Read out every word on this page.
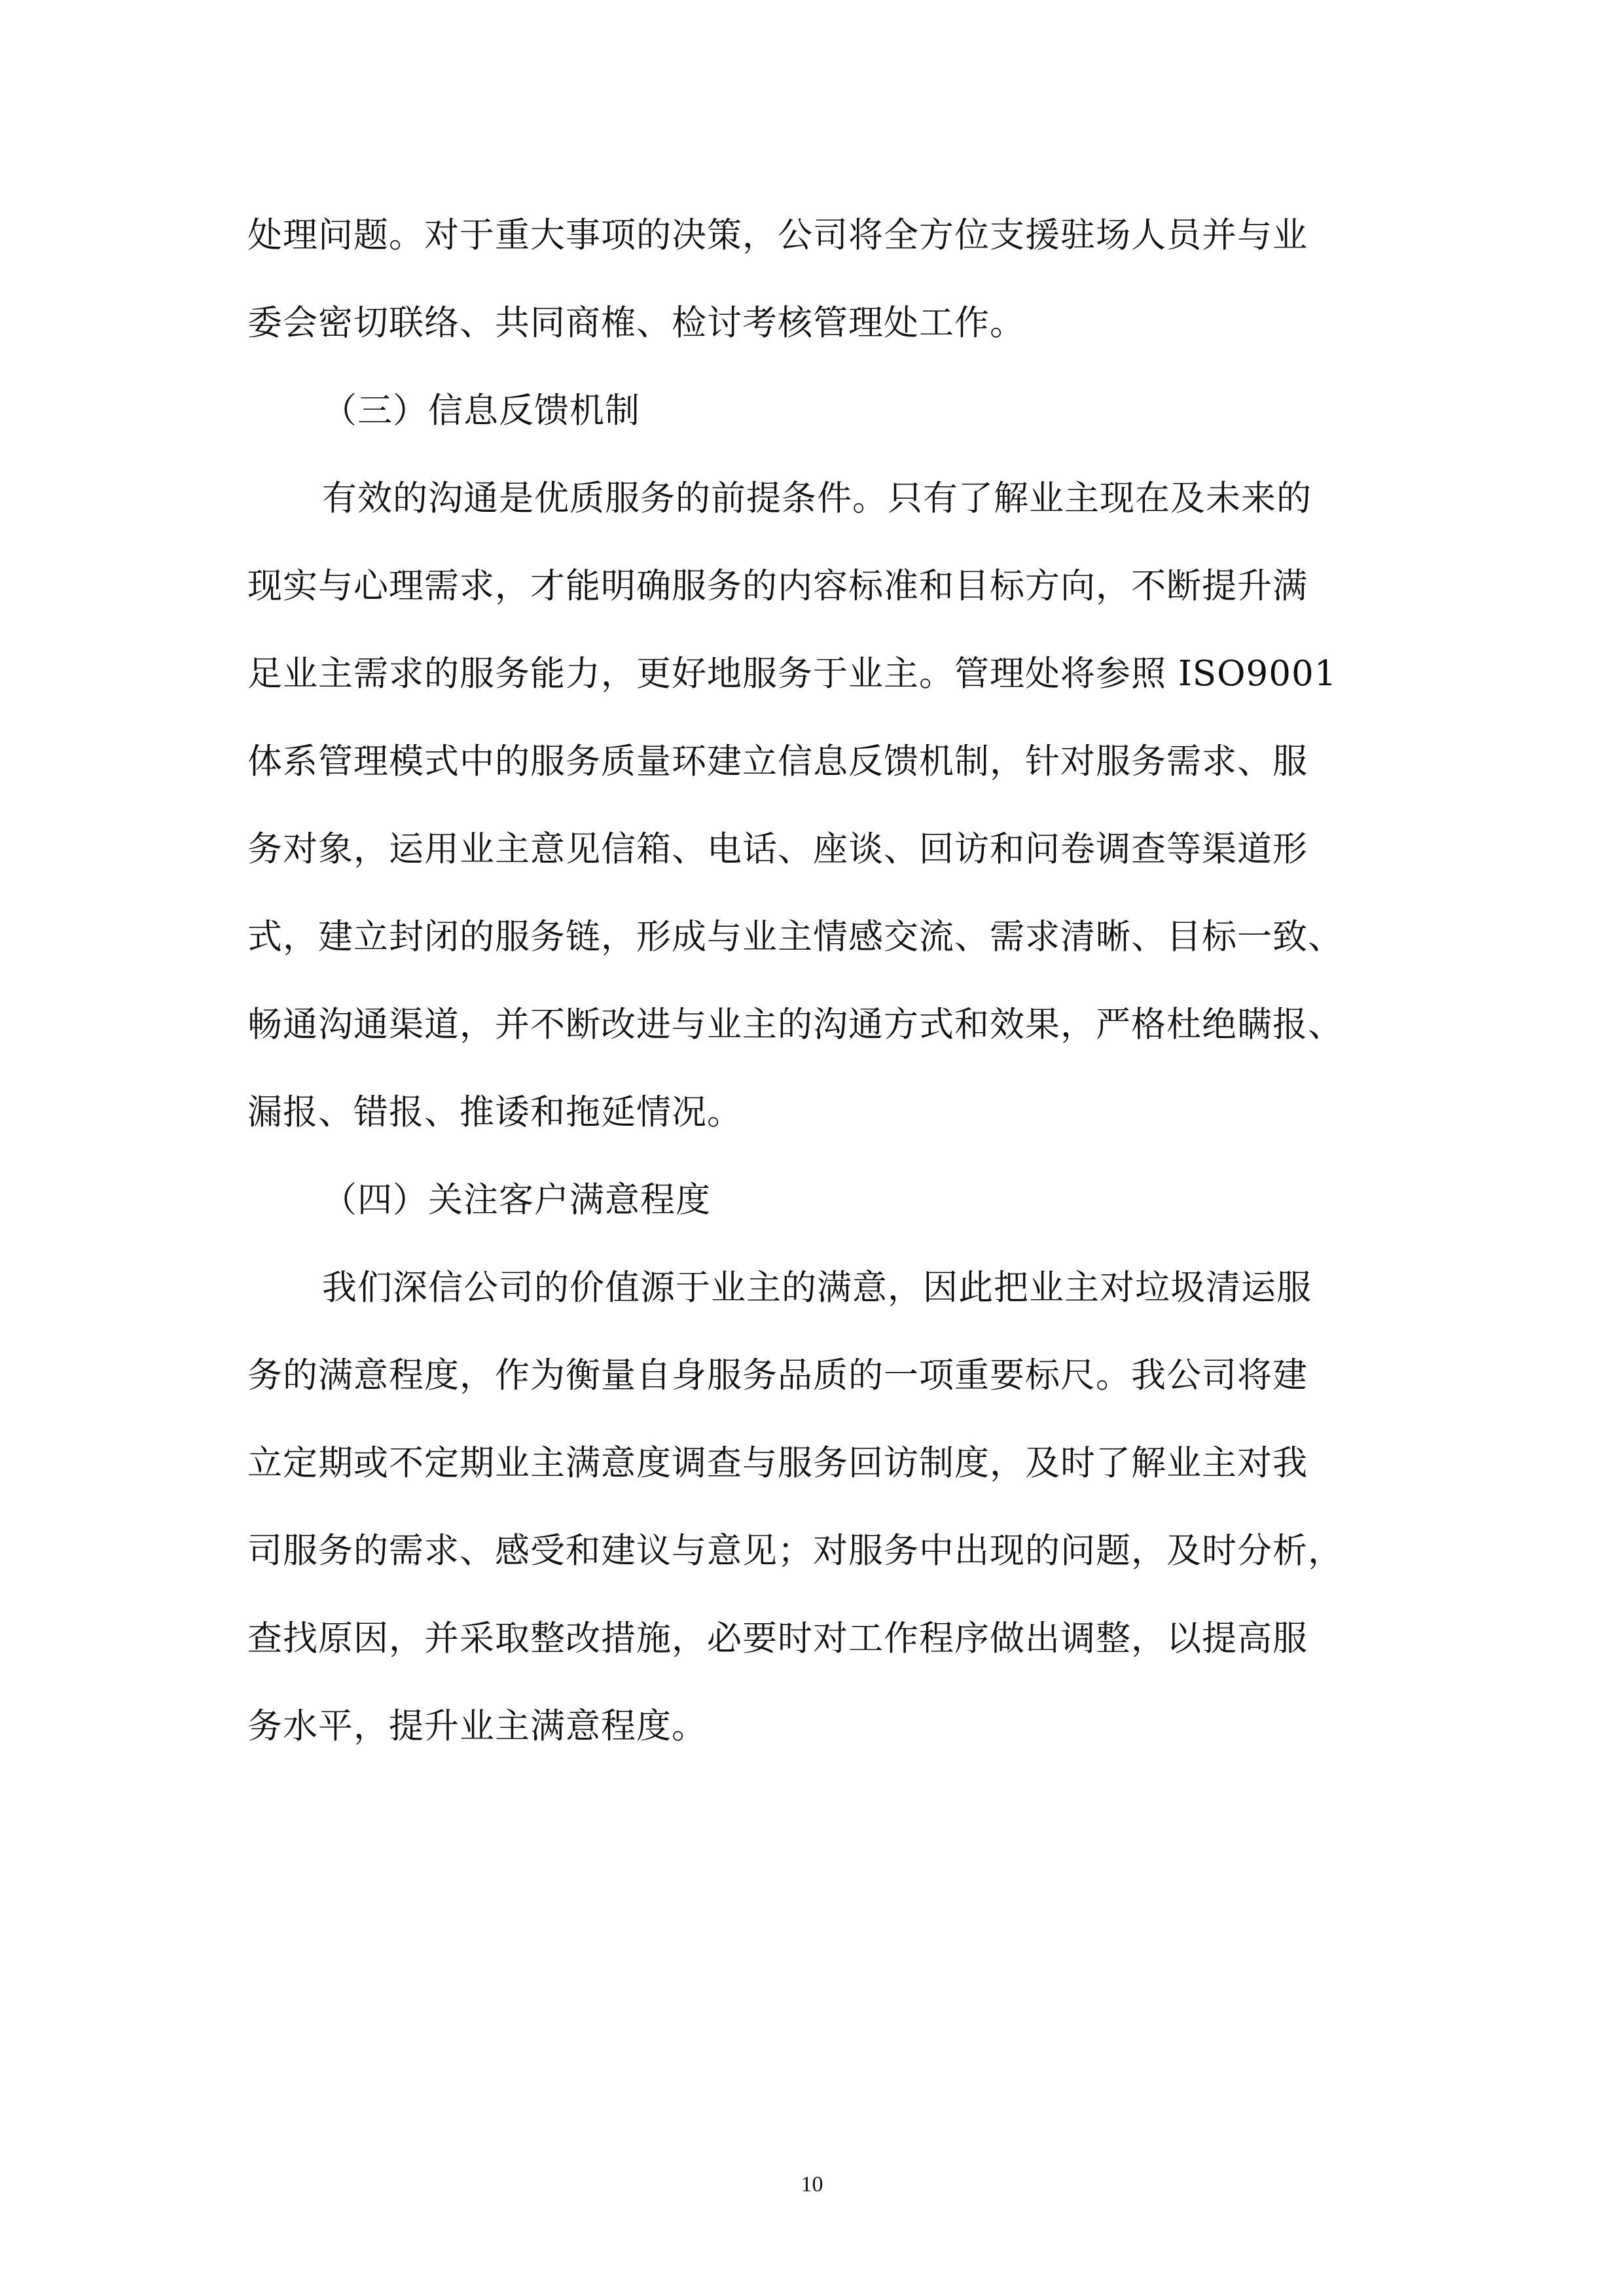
处理问题。对于重大事项的决策，公司将全方位支援驻场人员并与业
委会密切联络、共同商榷、检讨考核管理处工作。
（三）信息反馈机制
有效的沟通是优质服务的前提条件。只有了解业主现在及未来的
现实与心理需求，才能明确服务的内容标准和目标方向，不断提升满
足业主需求的服务能力，更好地服务于业主。管理处将参照 ISO9001
体系管理模式中的服务质量环建立信息反馈机制，针对服务需求、服
务对象，运用业主意见信箱、电话、座谈、回访和问卷调查等渠道形
式，建立封闭的服务链，形成与业主情感交流、需求清晰、目标一致、
畅通沟通渠道，并不断改进与业主的沟通方式和效果，严格杜绝瞒报、
漏报、错报、推诿和拖延情况。
（四）关注客户满意程度
我们深信公司的价值源于业主的满意，因此把业主对垃圾清运服
务的满意程度，作为衡量自身服务品质的一项重要标尺。我公司将建
立定期或不定期业主满意度调查与服务回访制度，及时了解业主对我
司服务的需求、感受和建议与意见；对服务中出现的问题，及时分析，
查找原因，并采取整改措施，必要时对工作程序做出调整，以提高服
务水平，提升业主满意程度。
10
